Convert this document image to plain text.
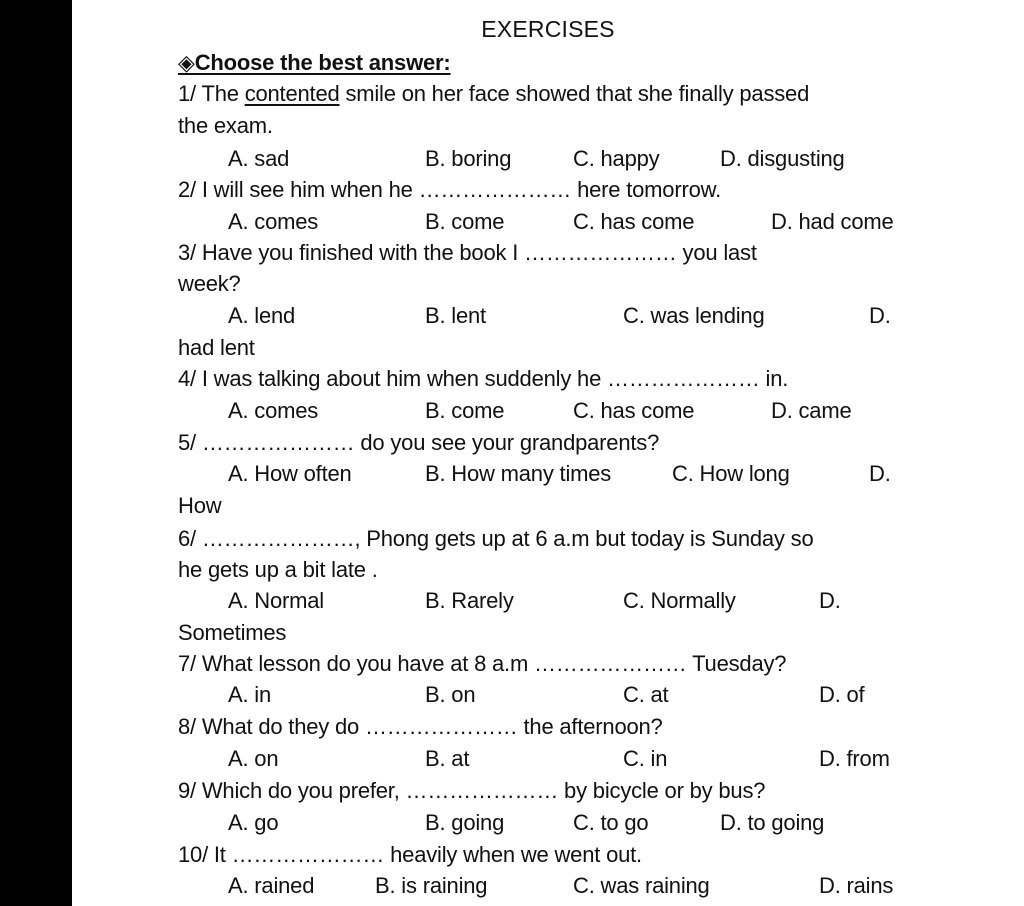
EXERCISES
◈Choose the best answer:
1/ The contented smile on her face showed that she finally passed
the exam.
A. sad	B. boring	C. happy	D. disgusting
2/ I will see him when he ………………… here tomorrow.
A. comes	B. come	C. has come	D. had come
3/ Have you finished with the book I ………………… you last
week?
A. lend	B. lent	C. was lending	D.
had lent
4/ I was talking about him when suddenly he ………………… in.
A. comes	B. come	C. has come	D. came
5/ ………………… do you see your grandparents?
A. How often	B. How many times	C. How long	D.
How
6/ …………………, Phong gets up at 6 a.m but today is Sunday so
he gets up a bit late .
A. Normal	B. Rarely	C. Normally	D.
Sometimes
7/ What lesson do you have at 8 a.m ………………… Tuesday?
A. in	B. on	C. at	D. of
8/ What do they do ………………… the afternoon?
A. on	B. at	C. in	D. from
9/ Which do you prefer, ………………… by bicycle or by bus?
A. go	B. going	C. to go	D. to going
10/ It ………………… heavily when we went out.
A. rained	B. is raining	C. was raining	D. rains
